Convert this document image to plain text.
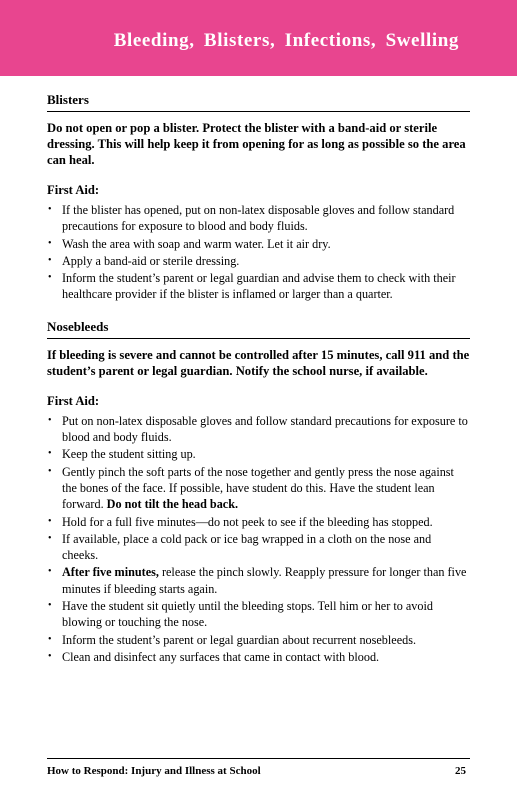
Bleeding, Blisters, Infections, Swelling
Blisters

Do not open or pop a blister. Protect the blister with a band-aid or sterile dressing. This will help keep it from opening for as long as possible so the area can heal.

First Aid:

• If the blister has opened, put on non-latex disposable gloves and follow standard precautions for exposure to blood and body fluids.
• Wash the area with soap and warm water. Let it air dry.
• Apply a band-aid or sterile dressing.
• Inform the student’s parent or legal guardian and advise them to check with their healthcare provider if the blister is inflamed or larger than a quarter.
Nosebleeds

If bleeding is severe and cannot be controlled after 15 minutes, call 911 and the student’s parent or legal guardian. Notify the school nurse, if available.

First Aid:

• Put on non-latex disposable gloves and follow standard precautions for exposure to blood and body fluids.
• Keep the student sitting up.
• Gently pinch the soft parts of the nose together and gently press the nose against the bones of the face. If possible, have student do this. Have the student lean forward. Do not tilt the head back.
• Hold for a full five minutes—do not peek to see if the bleeding has stopped.
• If available, place a cold pack or ice bag wrapped in a cloth on the nose and cheeks.
• After five minutes, release the pinch slowly. Reapply pressure for longer than five minutes if bleeding starts again.
• Have the student sit quietly until the bleeding stops. Tell him or her to avoid blowing or touching the nose.
• Inform the student’s parent or legal guardian about recurrent nosebleeds.
• Clean and disinfect any surfaces that came in contact with blood.
How to Respond: Injury and Illness at School	25
